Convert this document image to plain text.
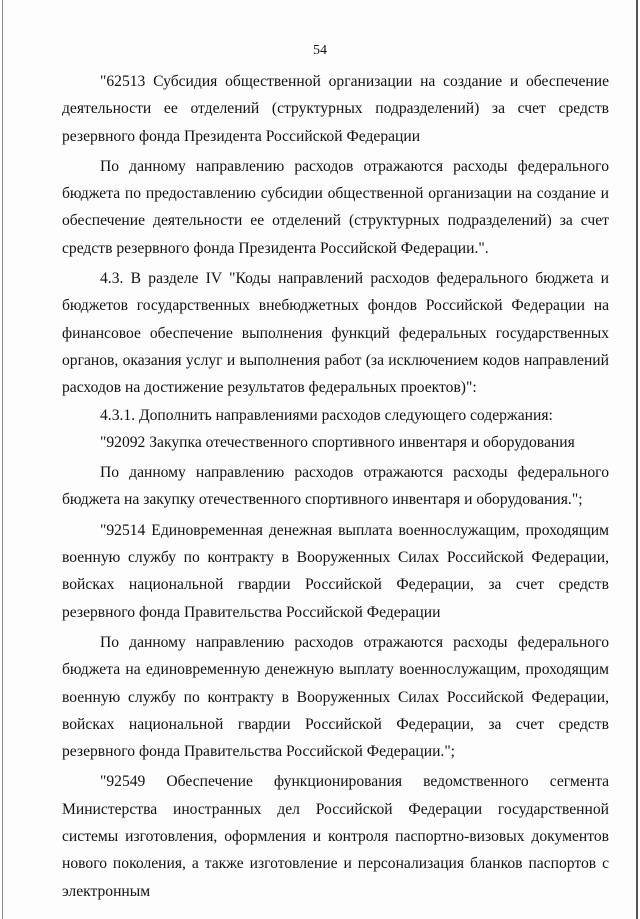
54

"62513 Субсидия общественной организации на создание и обеспечение деятельности ее отделений (структурных подразделений) за счет средств резервного фонда Президента Российской Федерации

По данному направлению расходов отражаются расходы федерального бюджета по предоставлению субсидии общественной организации на создание и обеспечение деятельности ее отделений (структурных подразделений) за счет средств резервного фонда Президента Российской Федерации.".

4.3. В разделе IV "Коды направлений расходов федерального бюджета и бюджетов государственных внебюджетных фондов Российской Федерации на финансовое обеспечение выполнения функций федеральных государственных органов, оказания услуг и выполнения работ (за исключением кодов направлений расходов на достижение результатов федеральных проектов)":

4.3.1. Дополнить направлениями расходов следующего содержания:

"92092 Закупка отечественного спортивного инвентаря и оборудования

По данному направлению расходов отражаются расходы федерального бюджета на закупку отечественного спортивного инвентаря и оборудования.";

"92514 Единовременная денежная выплата военнослужащим, проходящим военную службу по контракту в Вооруженных Силах Российской Федерации, войсках национальной гвардии Российской Федерации, за счет средств резервного фонда Правительства Российской Федерации

По данному направлению расходов отражаются расходы федерального бюджета на единовременную денежную выплату военнослужащим, проходящим военную службу по контракту в Вооруженных Силах Российской Федерации, войсках национальной гвардии Российской Федерации, за счет средств резервного фонда Правительства Российской Федерации.";

"92549 Обеспечение функционирования ведомственного сегмента Министерства иностранных дел Российской Федерации государственной системы изготовления, оформления и контроля паспортно-визовых документов нового поколения, а также изготовление и персонализация бланков паспортов с электронным
